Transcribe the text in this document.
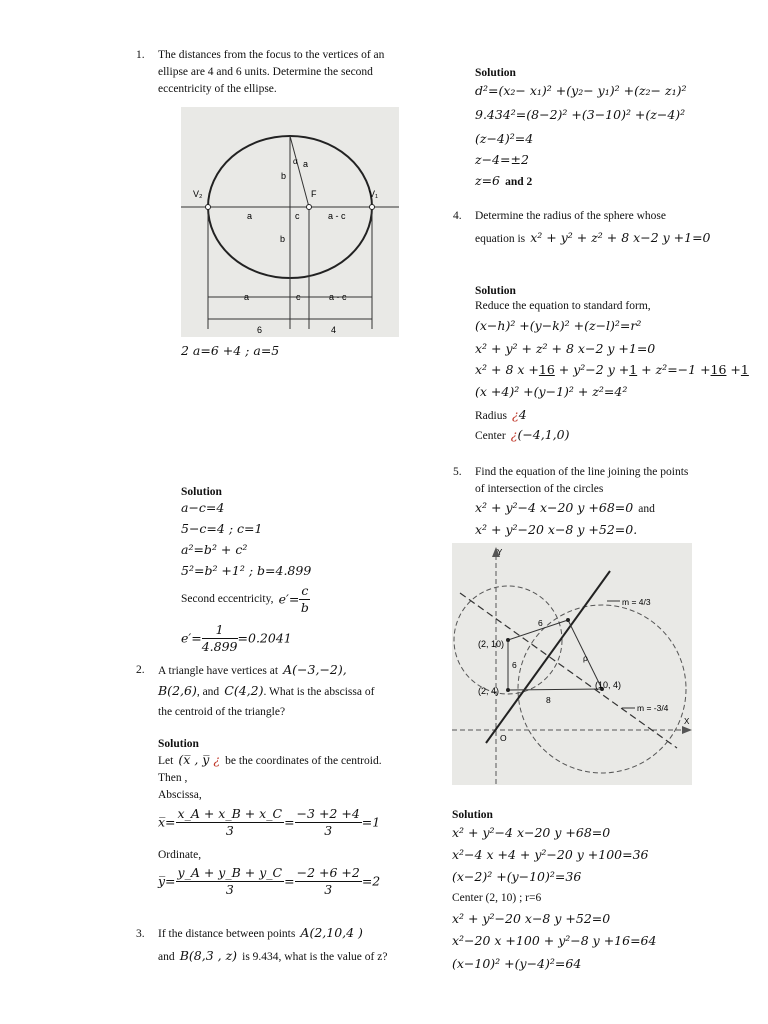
1. The distances from the focus to the vertices of an ellipse are 4 and 6 units. Determine the second eccentricity of the ellipse.
V₂	V₁
b
α a
F
a	c	a - c
b
a	c	a - c
6	4
2 a=6 +4 ; a=5
Solution
a−c=4
5−c=4 ; c=1
a²=b² + c²
5²=b² +1² ; b=4.899
Second eccentricity, $e'= \frac{c}{b}$
$e'= \frac{1}{4.899} =0.2041$
2. A triangle have vertices at A(−3,−2),
B(2,6), and C(4,2). What is the abscissa of
the centroid of the triangle?
Solution
Let (x̅ , y̅ ¿ be the coordinates of the centroid.
Then ,
Abscissa,
x̅= $\frac{x\_A + x\_B + x\_C}{3} = \frac{-3 +2 +4}{3} =1$
Ordinate,
y̅= $\frac{y\_A + y\_B + y\_C}{3} = \frac{-2 +6 +2}{3} =2$
3. If the distance between points A(2,10,4 )
and B(8,3 , z) is 9.434, what is the value of z?
Solution
d²=(x₂− x₁)² +(y₂− y₁)² +(z₂− z₁)²
9.434²=(8−2)² +(3−10)² +(z−4)²
(z−4)²=4
z−4=±2
z=6 and 2
4. Determine the radius of the sphere whose
equation is x² + y² + z² + 8 x−2 y +1=0
Solution
Reduce the equation to standard form,
(x−h)² +(y−k)² +(z−l)²=r²
x² + y² + z² + 8 x−2 y +1=0
x² + 8 x +16 + y²−2 y +1 + z²=−1 +16 +1
(x +4)² +(y−1)² + z²=4²
Radius ¿4
Center ¿(−4,1,0)
5. Find the equation of the line joining the points
of intersection of the circles
x² + y²−4 x−20 y +68=0 and
x² + y²−20 x−8 y +52=0.
Y
X
m = 4/3
m = -3/4
(2, 10)
(2, 4)
(10, 4)
6
6
8
O
ρ
Solution
x² + y²−4 x−20 y +68=0
x²−4 x +4 + y²−20 y +100=36
(x−2)² +(y−10)²=36
Center (2, 10) ; r=6
x² + y²−20 x−8 y +52=0
x²−20 x +100 + y²−8 y +16=64
(x−10)² +(y−4)²=64
